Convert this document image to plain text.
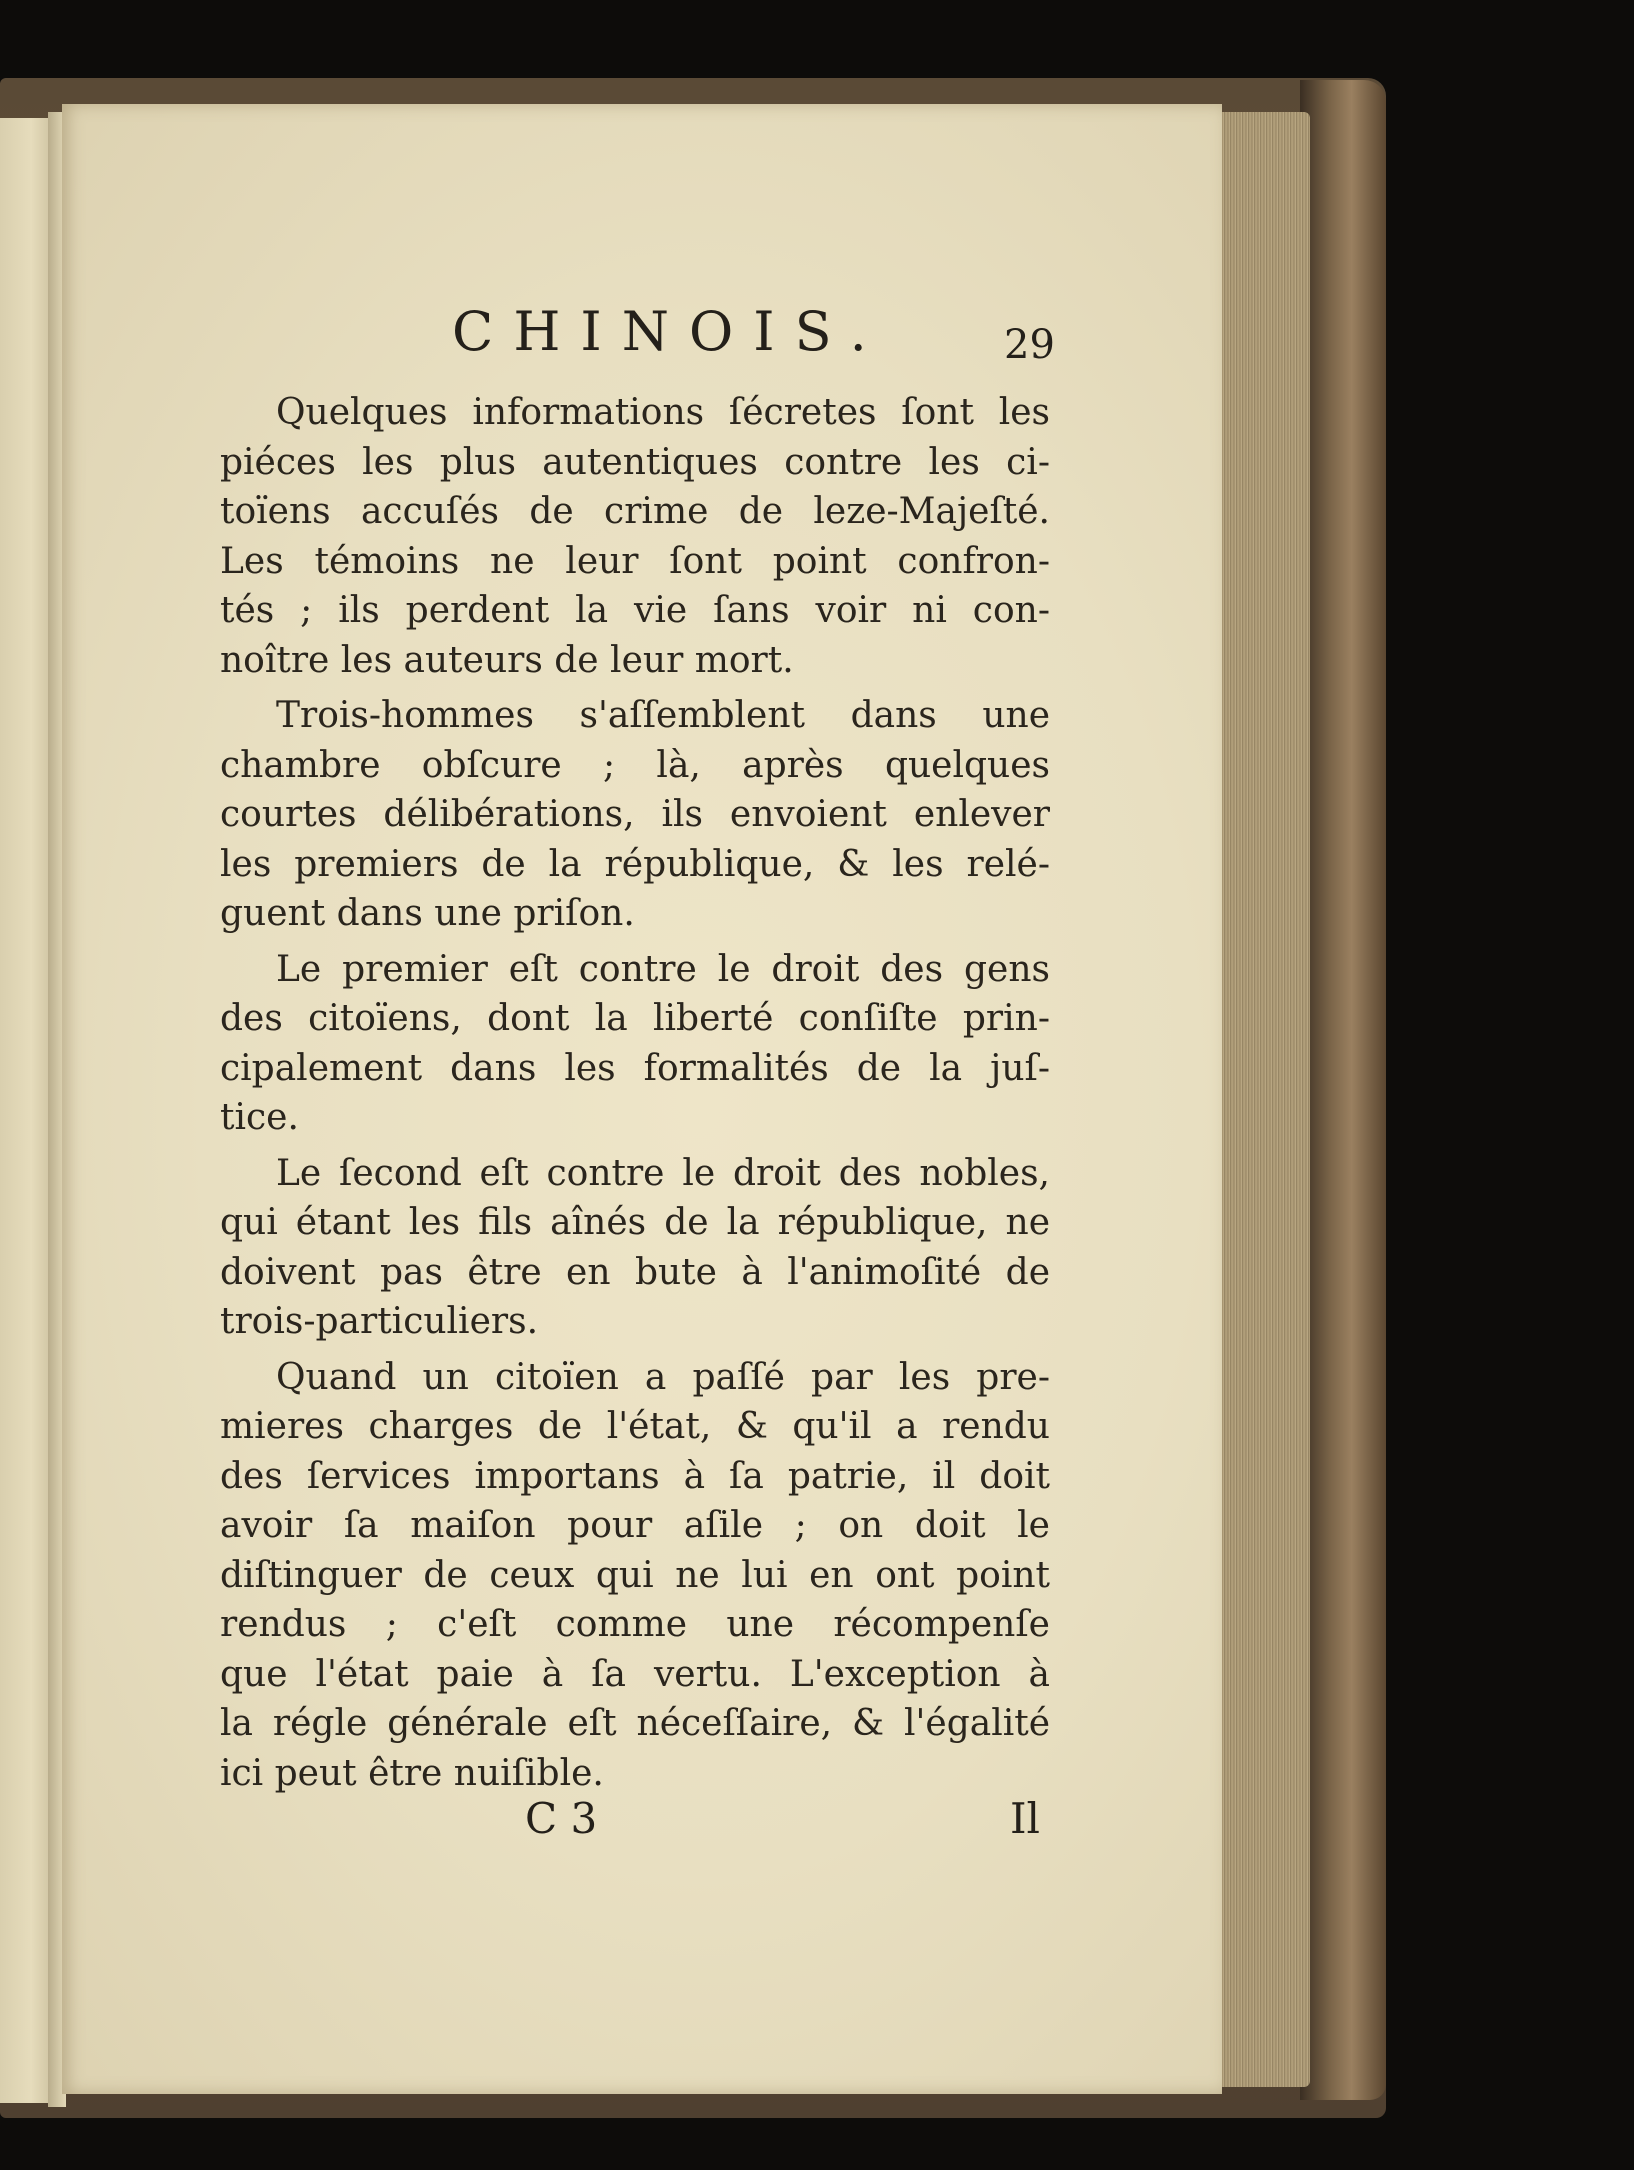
CHINOIS.	29
Quelques informations ſécretes ſont les
piéces les plus autentiques contre les ci-
toïens accuſés de crime de leze-Majeſté.
Les témoins ne leur ſont point confron-
tés ; ils perdent la vie ſans voir ni con-
noître les auteurs de leur mort.
Trois-hommes s'aſſemblent dans une
chambre obſcure ; là, après quelques
courtes délibérations, ils envoient enlever
les premiers de la république, & les relé-
guent dans une priſon.
Le premier eſt contre le droit des gens
des citoïens, dont la liberté conſiſte prin-
cipalement dans les formalités de la juſ-
tice.
Le ſecond eſt contre le droit des nobles,
qui étant les fils aînés de la république, ne
doivent pas être en bute à l'animoſité de
trois-particuliers.
Quand un citoïen a paſſé par les pre-
mieres charges de l'état, & qu'il a rendu
des ſervices importans à ſa patrie, il doit
avoir ſa maiſon pour aſile ; on doit le
diſtinguer de ceux qui ne lui en ont point
rendus ; c'eſt comme une récompenſe
que l'état paie à ſa vertu. L'exception à
la régle générale eſt néceſſaire, & l'égalité
ici peut être nuiſible.
C 3	Il
